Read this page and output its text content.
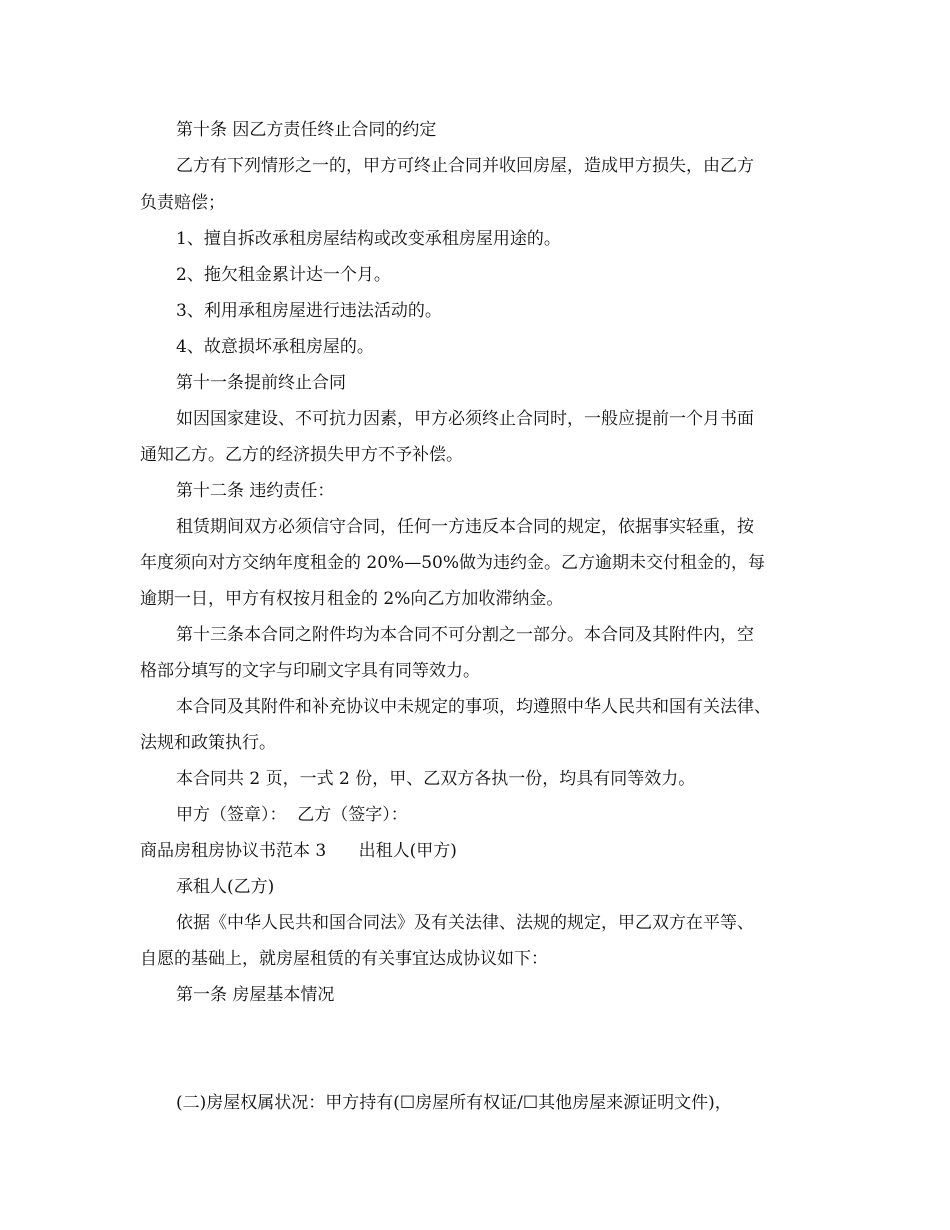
第十条 因乙方责任终止合同的约定
乙方有下列情形之一的，甲方可终止合同并收回房屋，造成甲方损失，由乙方
负责赔偿；
1、擅自拆改承租房屋结构或改变承租房屋用途的。
2、拖欠租金累计达一个月。
3、利用承租房屋进行违法活动的。
4、故意损坏承租房屋的。
第十一条提前终止合同
如因国家建设、不可抗力因素，甲方必须终止合同时，一般应提前一个月书面
通知乙方。乙方的经济损失甲方不予补偿。
第十二条 违约责任：
租赁期间双方必须信守合同，任何一方违反本合同的规定，依据事实轻重，按
年度须向对方交纳年度租金的 20%—50%做为违约金。乙方逾期未交付租金的，每
逾期一日，甲方有权按月租金的 2%向乙方加收滞纳金。
第十三条本合同之附件均为本合同不可分割之一部分。本合同及其附件内，空
格部分填写的文字与印刷文字具有同等效力。
本合同及其附件和补充协议中未规定的事项，均遵照中华人民共和国有关法律、
法规和政策执行。
本合同共 2 页，一式 2 份，甲、乙双方各执一份，均具有同等效力。
甲方（签章）：  乙方（签字）：
商品房租房协议书范本 3      出租人(甲方)
承租人(乙方)
依据《中华人民共和国合同法》及有关法律、法规的规定，甲乙双方在平等、
自愿的基础上，就房屋租赁的有关事宜达成协议如下：
第一条 房屋基本情况

(二)房屋权属状况：甲方持有(☐房屋所有权证/☐其他房屋来源证明文件)，
